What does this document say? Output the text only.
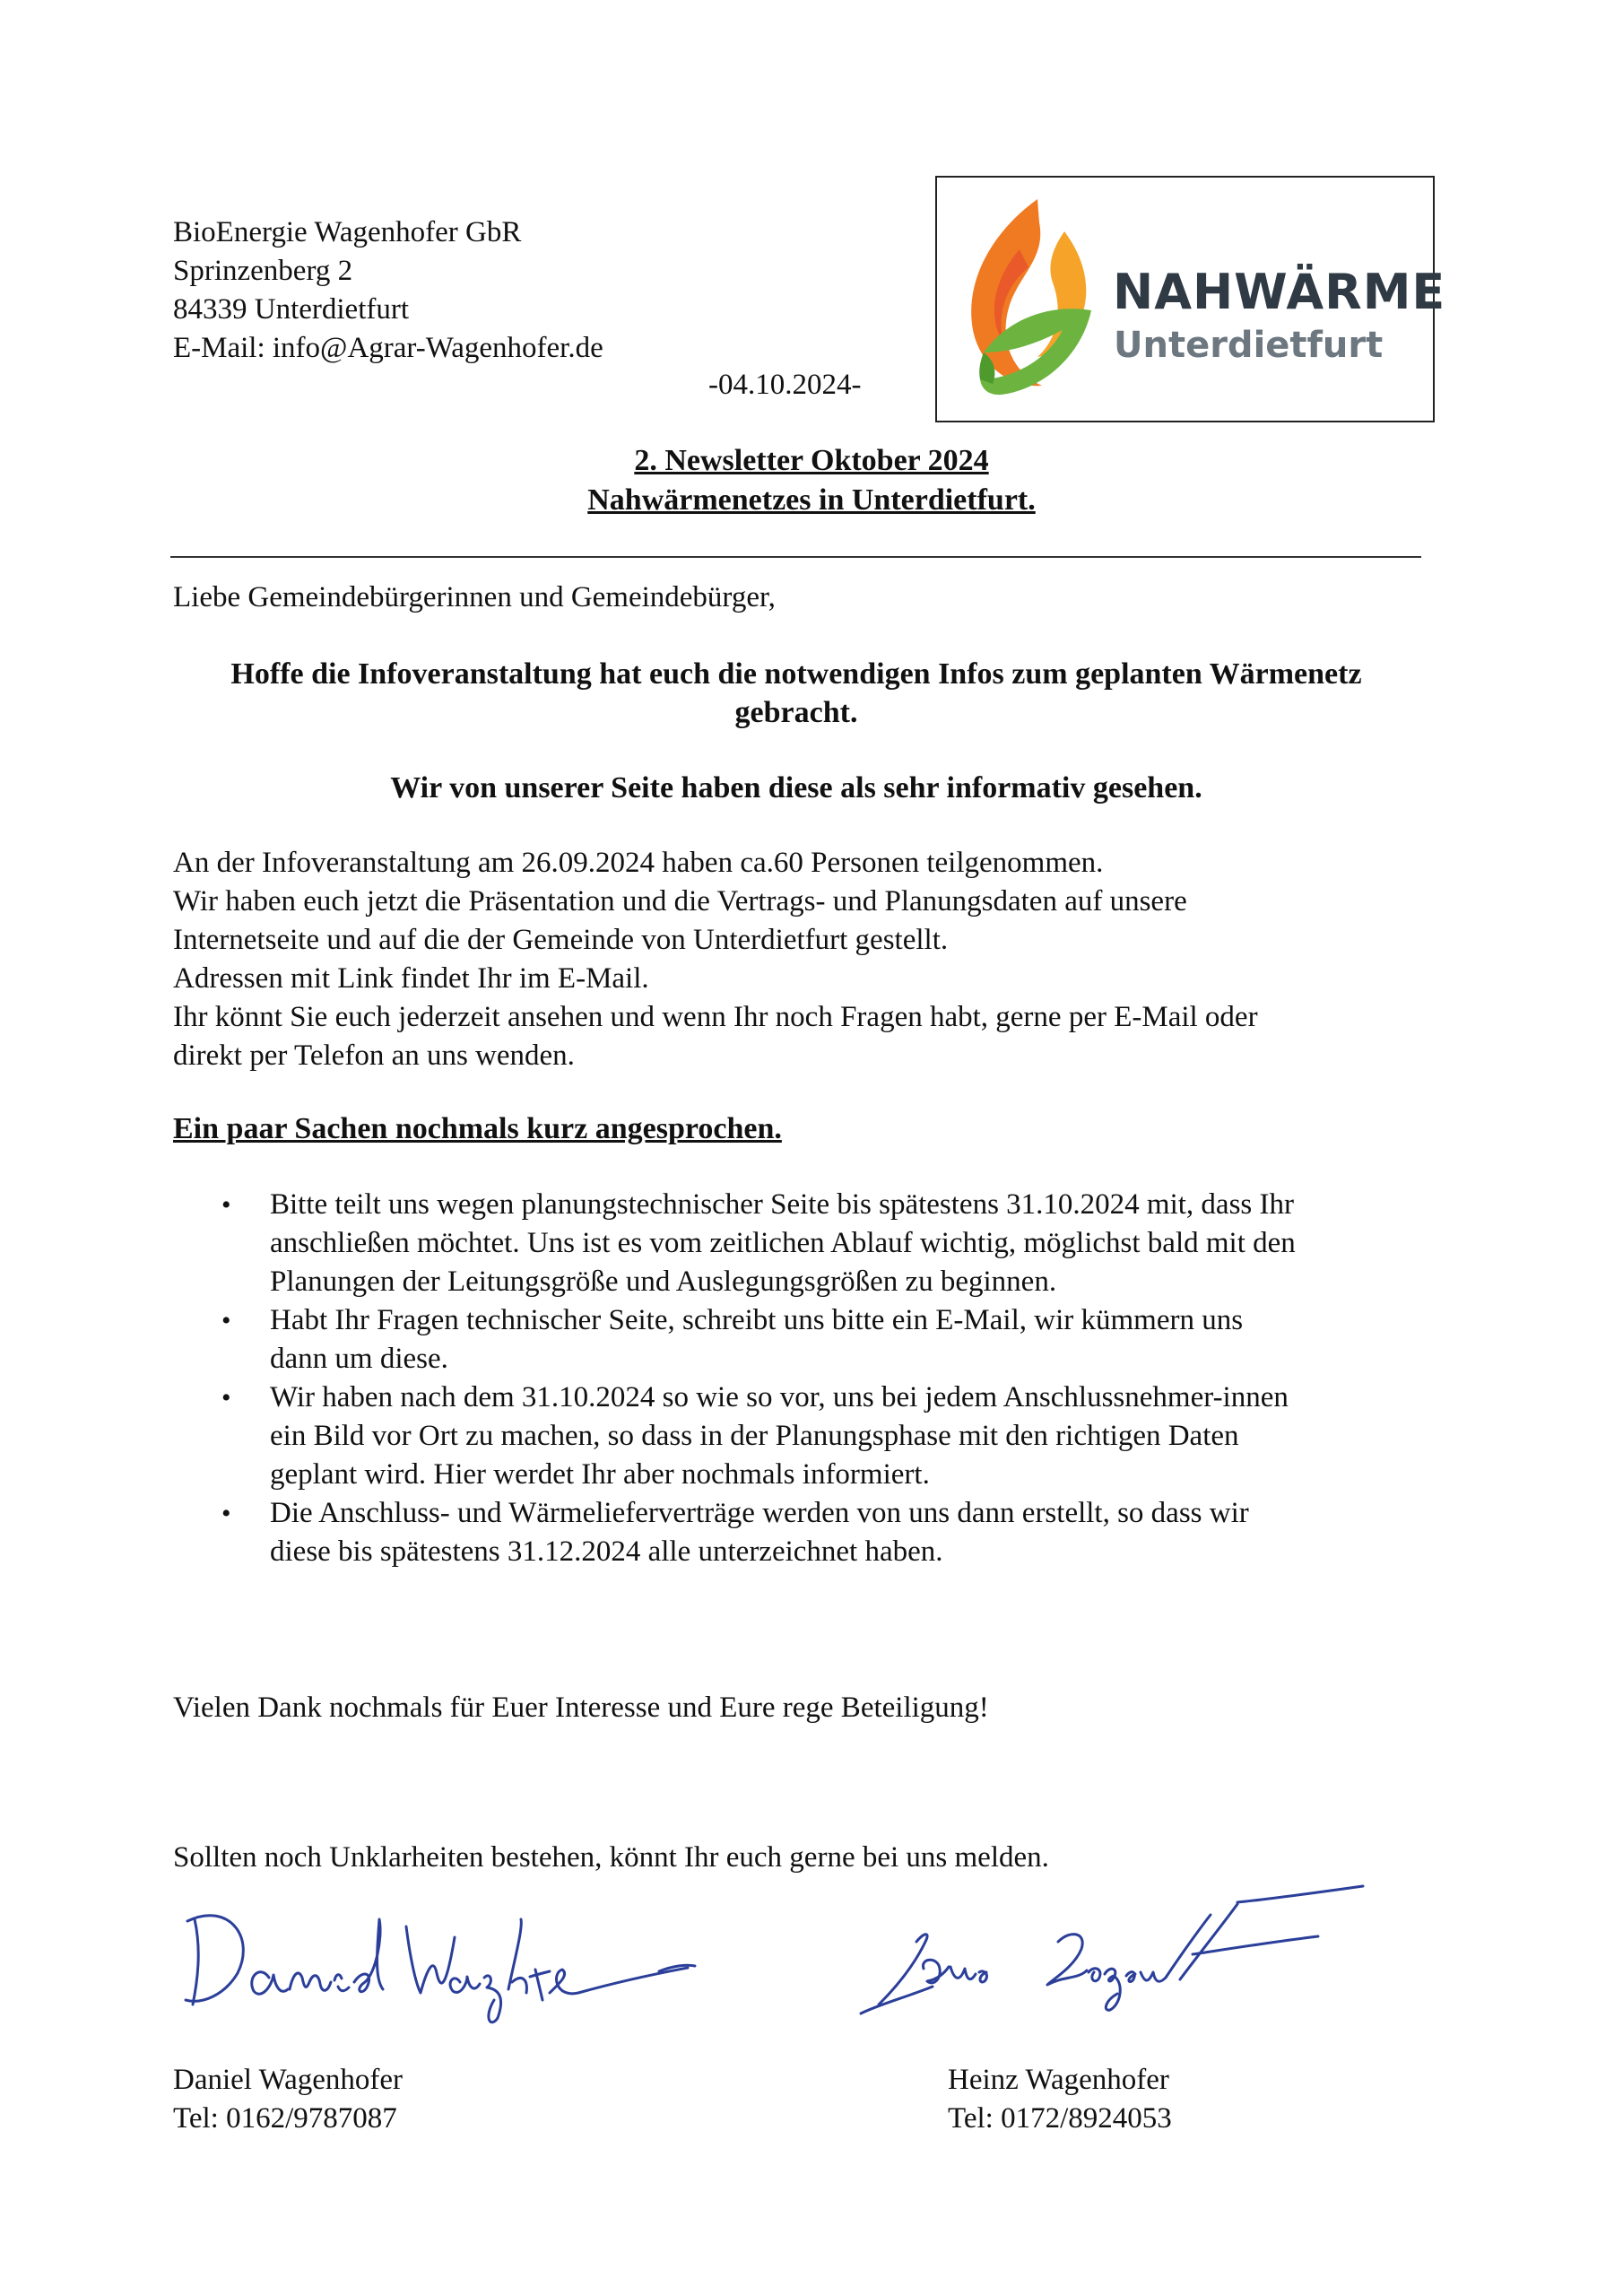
BioEnergie Wagenhofer GbR
Sprinzenberg 2
84339 Unterdietfurt
E-Mail: info@Agrar-Wagenhofer.de
-04.10.2024-
NAHWÄRME
Unterdietfurt
2. Newsletter Oktober 2024
Nahwärmenetzes in Unterdietfurt.
Liebe Gemeindebürgerinnen und Gemeindebürger,
Hoffe die Infoveranstaltung hat euch die notwendigen Infos zum geplanten Wärmenetz
gebracht.
Wir von unserer Seite haben diese als sehr informativ gesehen.
An der Infoveranstaltung am 26.09.2024 haben ca.60 Personen teilgenommen.
Wir haben euch jetzt die Präsentation und die Vertrags- und Planungsdaten auf unsere
Internetseite und auf die der Gemeinde von Unterdietfurt gestellt.
Adressen mit Link findet Ihr im E-Mail.
Ihr könnt Sie euch jederzeit ansehen und wenn Ihr noch Fragen habt, gerne per E-Mail oder
direkt per Telefon an uns wenden.
Ein paar Sachen nochmals kurz angesprochen.
• Bitte teilt uns wegen planungstechnischer Seite bis spätestens 31.10.2024 mit, dass Ihr
anschließen möchtet. Uns ist es vom zeitlichen Ablauf wichtig, möglichst bald mit den
Planungen der Leitungsgröße und Auslegungsgrößen zu beginnen.
• Habt Ihr Fragen technischer Seite, schreibt uns bitte ein E-Mail, wir kümmern uns
dann um diese.
• Wir haben nach dem 31.10.2024 so wie so vor, uns bei jedem Anschlussnehmer-innen
ein Bild vor Ort zu machen, so dass in der Planungsphase mit den richtigen Daten
geplant wird. Hier werdet Ihr aber nochmals informiert.
• Die Anschluss- und Wärmelieferverträge werden von uns dann erstellt, so dass wir
diese bis spätestens 31.12.2024 alle unterzeichnet haben.
Vielen Dank nochmals für Euer Interesse und Eure rege Beteiligung!
Sollten noch Unklarheiten bestehen, könnt Ihr euch gerne bei uns melden.
Daniel Wagenhofer
Tel: 0162/9787087
Heinz Wagenhofer
Tel: 0172/8924053
